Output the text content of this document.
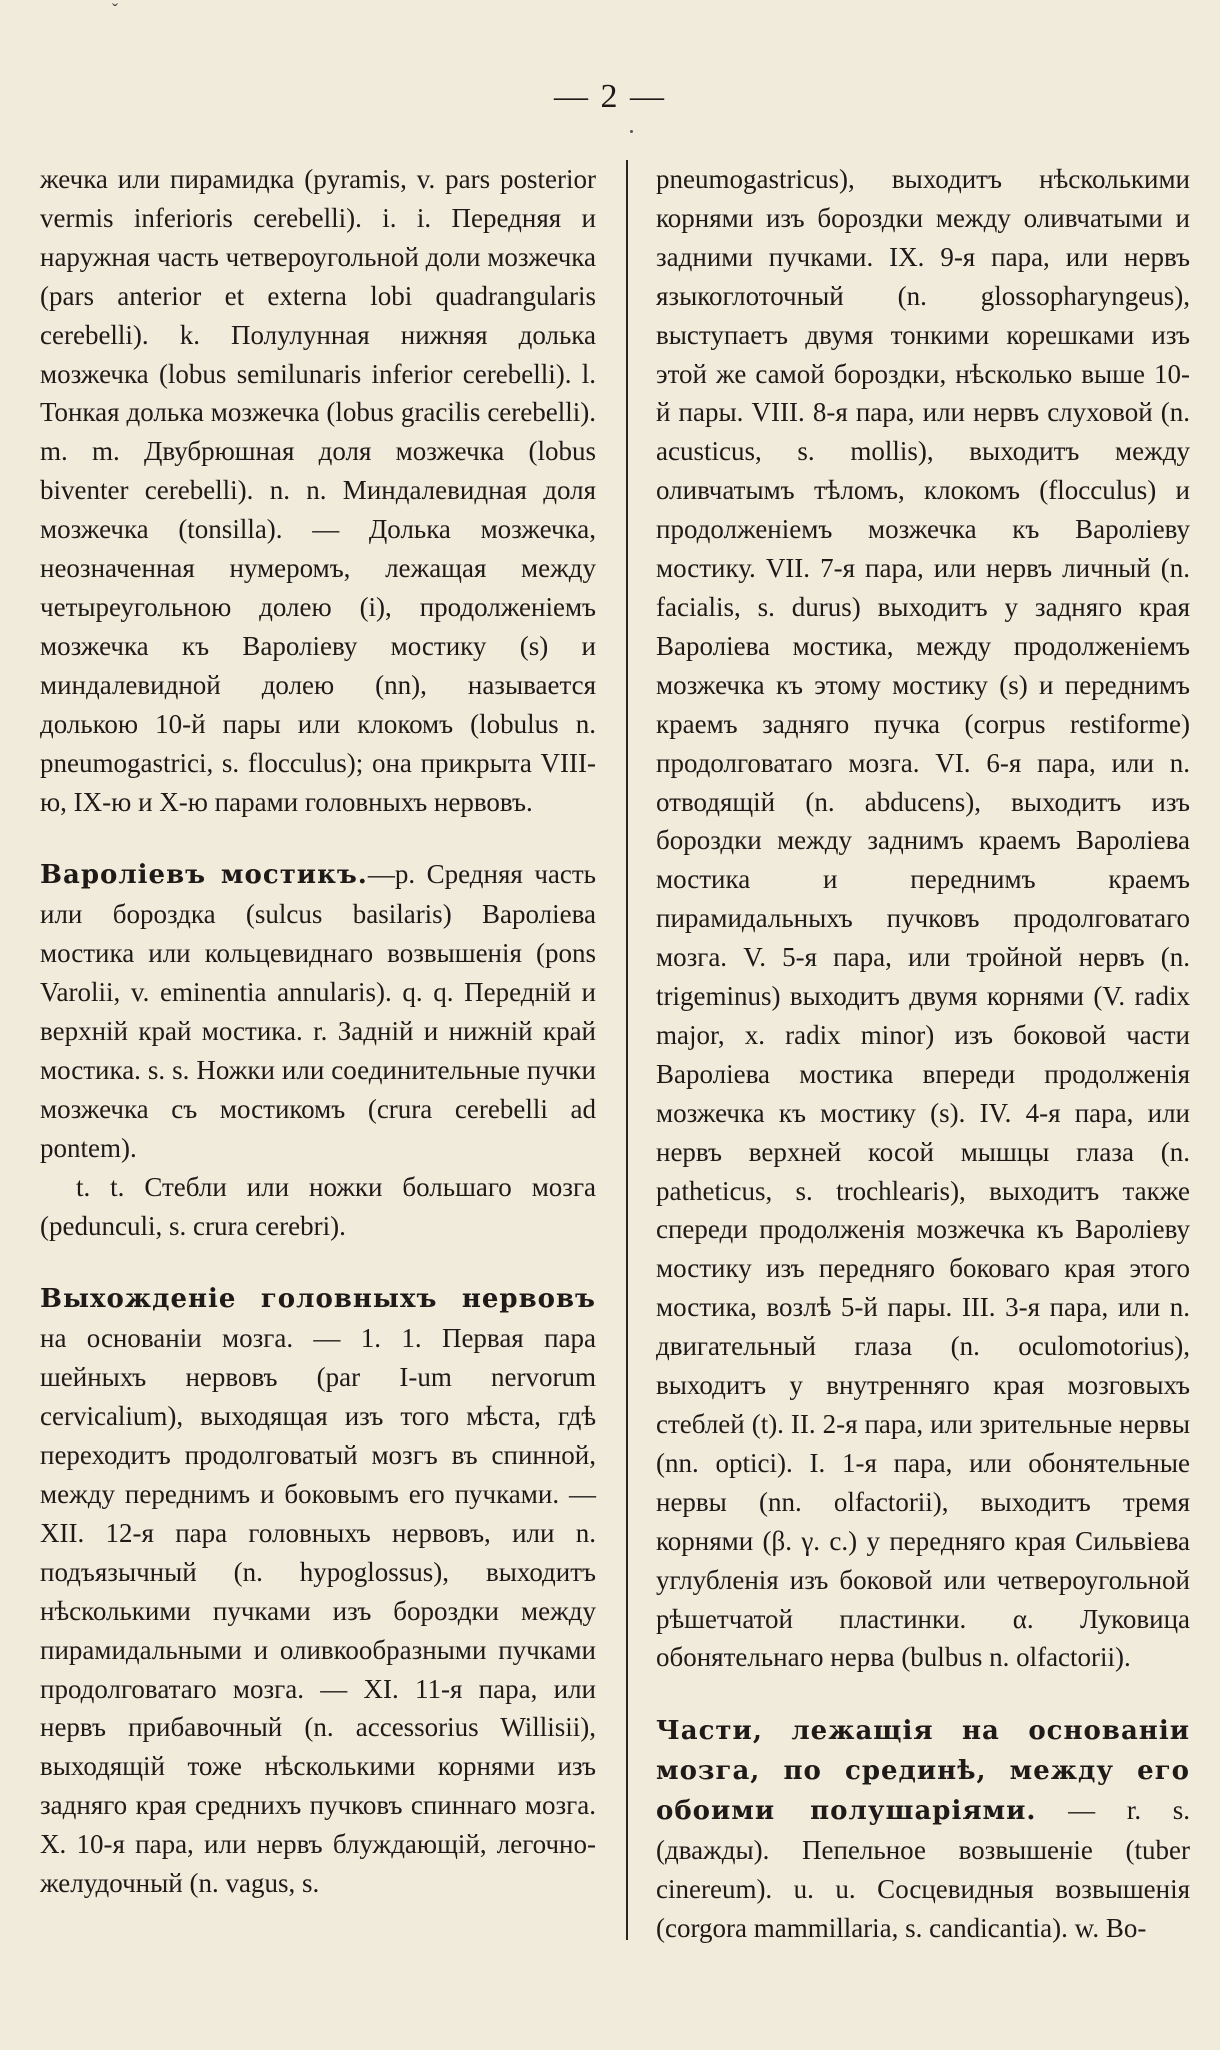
ˇ
— 2 —

жечка или пирамидка (pyramis, v. pars posterior vermis inferioris cerebelli). i. i. Передняя и наружная часть четвероугольной доли мозжечка (pars anterior et externa lobi quadrangularis cerebelli). k. Полулунная нижняя долька мозжечка (lobus semilunaris inferior cerebelli). l. Тонкая долька мозжечка (lobus gracilis cerebelli). m. m. Двубрюшная доля мозжечка (lobus biventer cerebelli). n. n. Миндалевидная доля мозжечка (tonsilla). — Долька мозжечка, неозначенная нумеромъ, лежащая между четыреугольною долею (i), продолженiемъ мозжечка къ Вароліеву мостику (s) и миндалевидной долею (nn), называется долькою 10-й пары или клокомъ (lobulus n. pneumogastrici, s. flocculus); она прикрыта VIII-ю, IX-ю и X-ю парами головныхъ нервовъ.

Вароліевъ мостикъ.—p. Средняя часть или бороздка (sulcus basilaris) Вароліева мостика или кольцевиднаго возвышенія (pons Varolii, v. eminentia annularis). q. q. Переднiй и верхнiй край мостика. r. Заднiй и нижнiй край мостика. s. s. Ножки или соединительные пучки мозжечка съ мостикомъ (crura cerebelli ad pontem).

t. t. Стебли или ножки большаго мозга (pedunculi, s. crura cerebri).

Выхожденіе головныхъ нервовъ на основаніи мозга. — 1. 1. Первая пара шейныхъ нервовъ (par I-um nervorum cervicalium), выходящая изъ того мѣста, гдѣ переходитъ продолговатый мозгъ въ спинной, между переднимъ и боковымъ его пучками. — XII. 12-я пара головныхъ нервовъ, или n. подъязычный (n. hypoglossus), выходитъ нѣсколькими пучками изъ бороздки между пирамидальными и оливкообразными пучками продолговатаго мозга. — XI. 11-я пара, или нервъ прибавочный (n. accessorius Willisii), выходящій тоже нѣсколькими корнями изъ задняго края среднихъ пучковъ спиннаго мозга. X. 10-я пара, или нервъ блуждающій, легочно-желудочный (n. vagus, s.

pneumogastricus), выходитъ нѣсколькими корнями изъ бороздки между оливчатыми и задними пучками. IX. 9-я пара, или нервъ языкоглоточный (n. glossopharyngeus), выступаетъ двумя тонкими корешками изъ этой же самой бороздки, нѣсколько выше 10-й пары. VIII. 8-я пара, или нервъ слуховой (n. acusticus, s. mollis), выходитъ между оливчатымъ тѣломъ, клокомъ (flocculus) и продолженіемъ мозжечка къ Вароліеву мостику. VII. 7-я пара, или нервъ личный (n. facialis, s. durus) выходитъ у задняго края Вароліева мостика, между продолженіемъ мозжечка къ этому мостику (s) и переднимъ краемъ задняго пучка (corpus restiforme) продолговатаго мозга. VI. 6-я пара, или n. отводящій (n. abducens), выходитъ изъ бороздки между заднимъ краемъ Вароліева мостика и переднимъ краемъ пирамидальныхъ пучковъ продолговатаго мозга. V. 5-я пара, или тройной нервъ (n. trigeminus) выходитъ двумя корнями (V. radix major, x. radix minor) изъ боковой части Вароліева мостика впереди продолженія мозжечка къ мостику (s). IV. 4-я пара, или нервъ верхней косой мышцы глаза (n. patheticus, s. trochlearis), выходитъ также спереди продолженія мозжечка къ Вароліеву мостику изъ передняго боковаго края этого мостика, возлѣ 5-й пары. III. 3-я пара, или n. двигательный глаза (n. oculomotorius), выходитъ у внутренняго края мозговыхъ стеблей (t). II. 2-я пара, или зрительные нервы (nn. optici). I. 1-я пара, или обонятельные нервы (nn. olfactorii), выходитъ тремя корнями (β. γ. c.) у передняго края Сильвіева углубленія изъ боковой или четвероугольной рѣшетчатой пластинки. α. Луковица обонятельнаго нерва (bulbus n. olfactorii).

Части, лежащія на основаніи мозга, по срединѣ, между его обоими полушаріями. — r. s. (дважды). Пепельное возвышеніе (tuber cinereum). u. u. Сосцевидныя возвышенія (corgora mammillaria, s. candicantia). w. Во-
